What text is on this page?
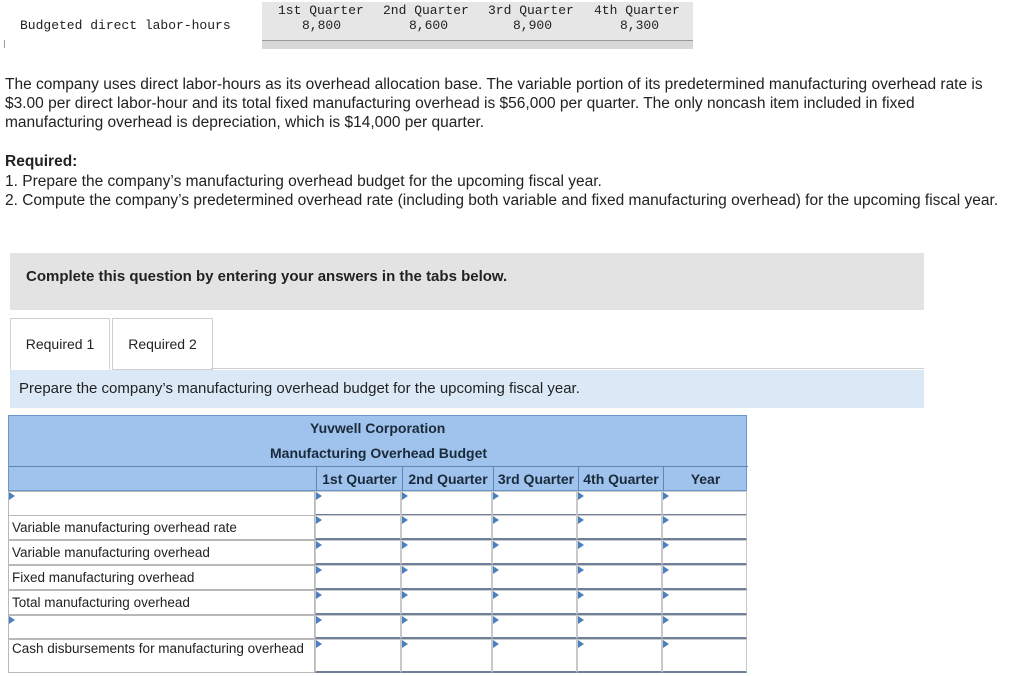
Budgeted direct labor-hours
1st Quarter 2nd Quarter 3rd Quarter 4th Quarter
8,800	8,600	8,900	8,300
The company uses direct labor-hours as its overhead allocation base. The variable portion of its predetermined manufacturing overhead rate is $3.00 per direct labor-hour and its total fixed manufacturing overhead is $56,000 per quarter. The only noncash item included in fixed manufacturing overhead is depreciation, which is $14,000 per quarter.
Required:
1. Prepare the company’s manufacturing overhead budget for the upcoming fiscal year.
2. Compute the company’s predetermined overhead rate (including both variable and fixed manufacturing overhead) for the upcoming fiscal year.
Complete this question by entering your answers in the tabs below.
Required 1	Required 2
Prepare the company’s manufacturing overhead budget for the upcoming fiscal year.
Yuvwell Corporation
Manufacturing Overhead Budget
1st Quarter 2nd Quarter 3rd Quarter 4th Quarter	Year
Variable manufacturing overhead rate
Variable manufacturing overhead
Fixed manufacturing overhead
Total manufacturing overhead
Cash disbursements for manufacturing overhead
